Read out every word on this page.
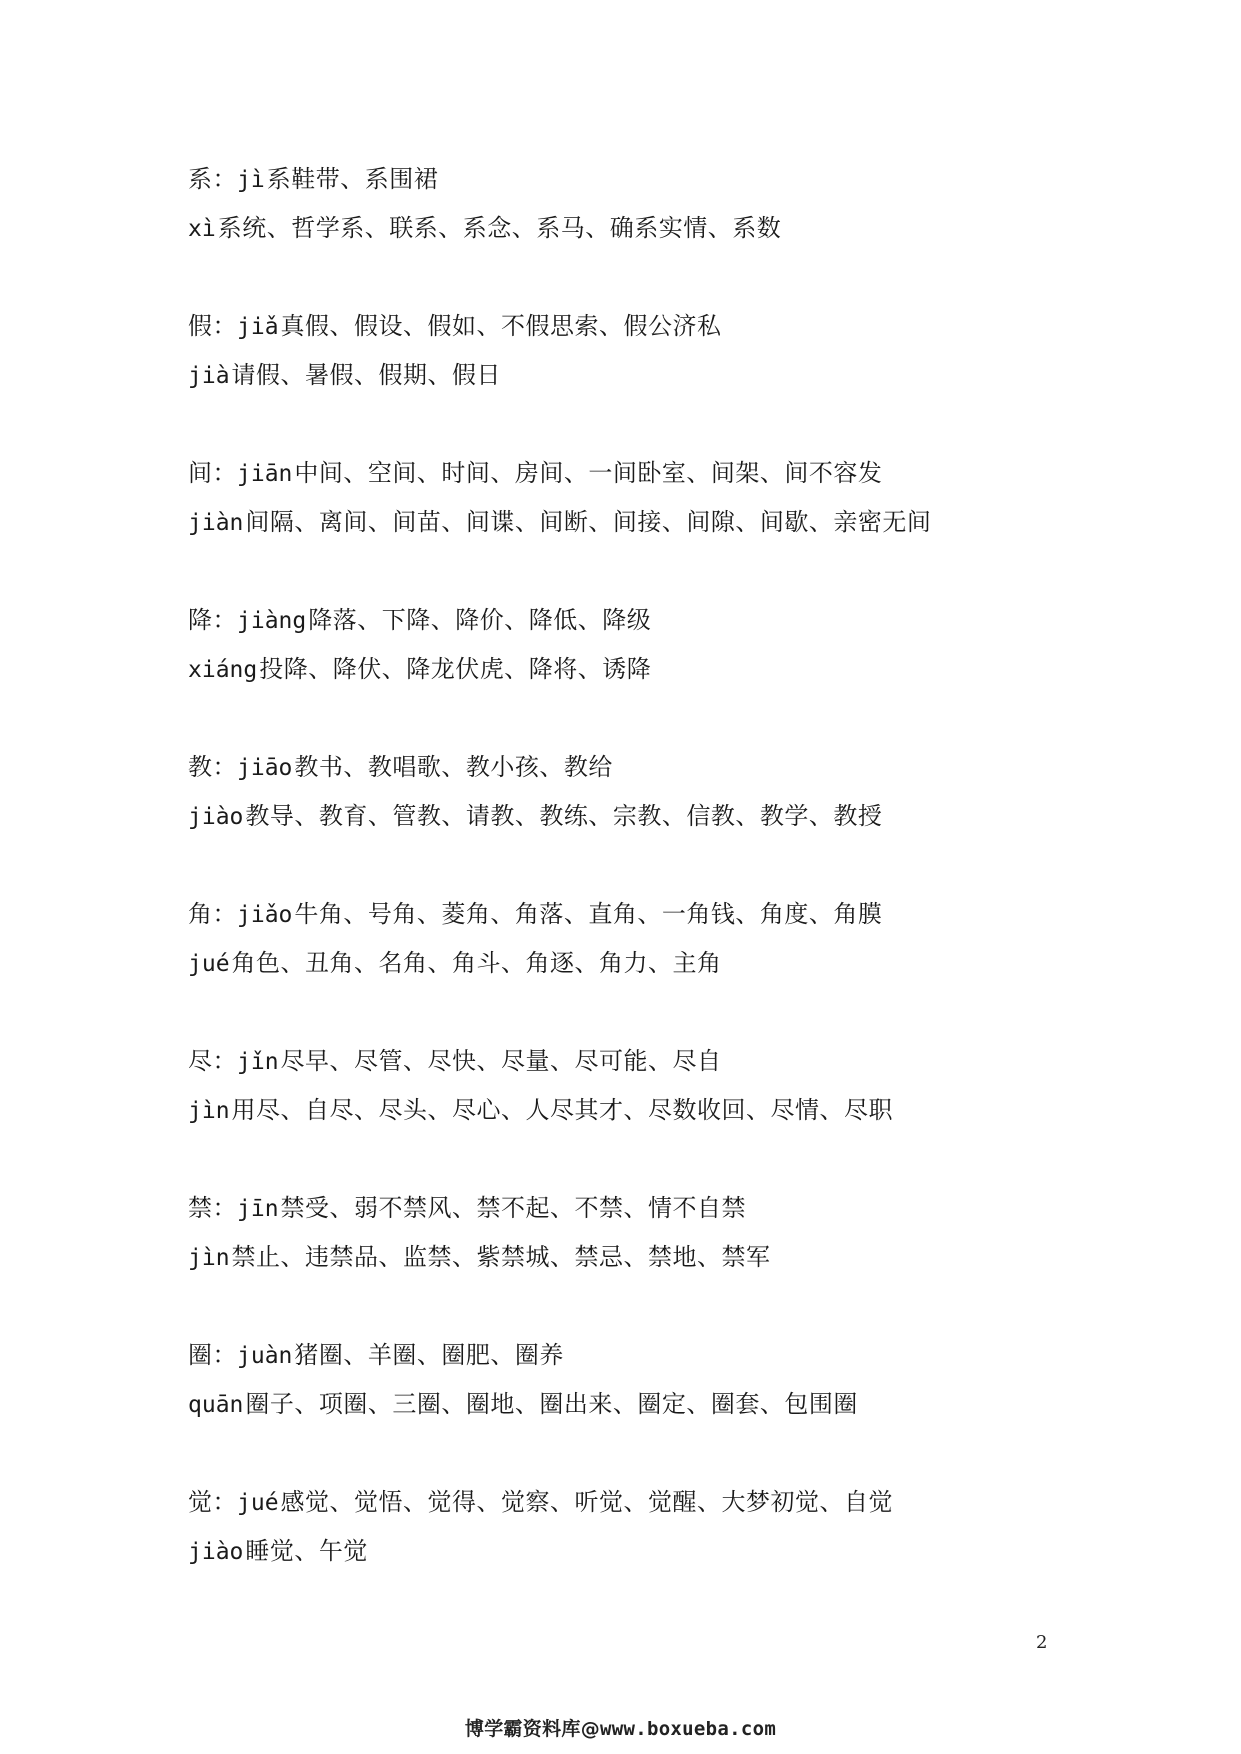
系：jì系鞋带、系围裙
xì系统、哲学系、联系、系念、系马、确系实情、系数
假：jiǎ真假、假设、假如、不假思索、假公济私
jià请假、暑假、假期、假日
间：jiān中间、空间、时间、房间、一间卧室、间架、间不容发
jiàn间隔、离间、间苗、间谍、间断、间接、间隙、间歇、亲密无间
降：jiàng降落、下降、降价、降低、降级
xiáng投降、降伏、降龙伏虎、降将、诱降
教：jiāo教书、教唱歌、教小孩、教给
jiào教导、教育、管教、请教、教练、宗教、信教、教学、教授
角：jiǎo牛角、号角、菱角、角落、直角、一角钱、角度、角膜
jué角色、丑角、名角、角斗、角逐、角力、主角
尽：jǐn尽早、尽管、尽快、尽量、尽可能、尽自
jìn用尽、自尽、尽头、尽心、人尽其才、尽数收回、尽情、尽职
禁：jīn禁受、弱不禁风、禁不起、不禁、情不自禁
jìn禁止、违禁品、监禁、紫禁城、禁忌、禁地、禁军
圈：juàn猪圈、羊圈、圈肥、圈养
quān圈子、项圈、三圈、圈地、圈出来、圈定、圈套、包围圈
觉：jué感觉、觉悟、觉得、觉察、听觉、觉醒、大梦初觉、自觉
jiào睡觉、午觉
2
博学霸资料库@www.boxueba.com
